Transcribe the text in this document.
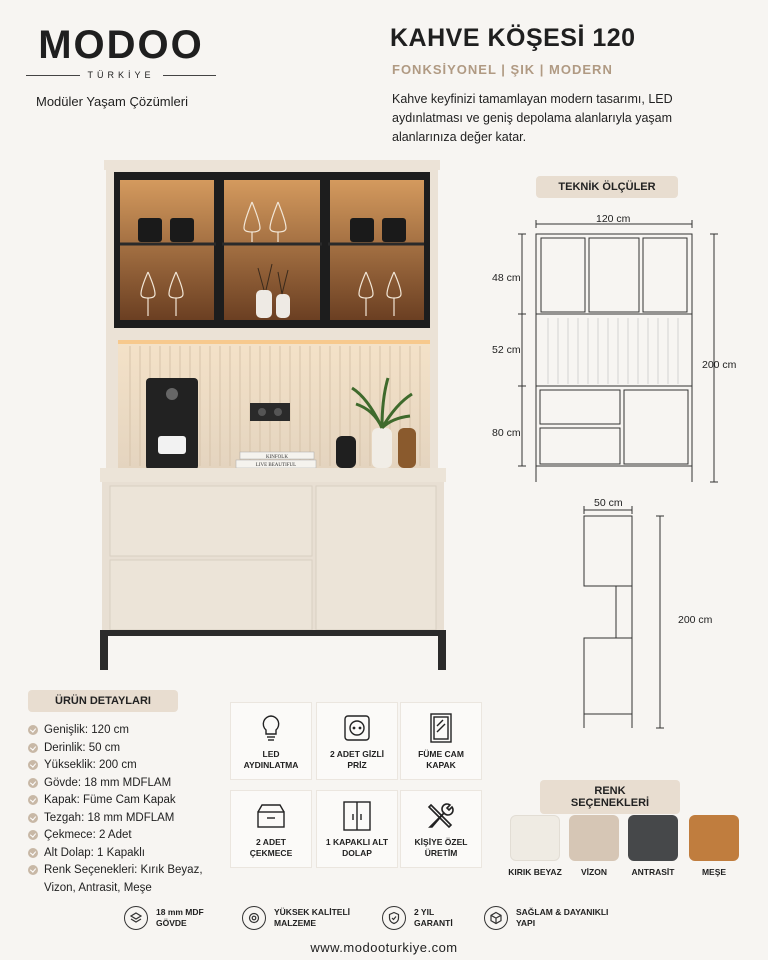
MODOO
TÜRKİYE
Modüler Yaşam Çözümleri
KAHVE KÖŞESİ 120
FONKSİYONEL | ŞIK | MODERN
Kahve keyfinizi tamamlayan modern tasarımı, LED aydınlatması ve geniş depolama alanlarıyla yaşam alanlarınıza değer katar.
KINFOLK
LIVE BEAUTIFUL
TEKNİK ÖLÇÜLER
120 cm
48 cm
52 cm
80 cm
200 cm
50 cm
200 cm
ÜRÜN DETAYLARI
Genişlik: 120 cm
Derinlik: 50 cm
Yükseklik: 200 cm
Gövde: 18 mm MDFLAM
Kapak: Füme Cam Kapak
Tezgah: 18 mm MDFLAM
Çekmece: 2 Adet
Alt Dolap: 1 Kapaklı
Renk Seçenekleri: Kırık Beyaz, Vizon, Antrasit, Meşe
LED AYDINLATMA
2 ADET GİZLİ PRİZ
FÜME CAM KAPAK
2 ADET ÇEKMECE
1 KAPAKLI ALT DOLAP
KİŞİYE ÖZEL ÜRETİM
RENK SEÇENEKLERİ
KIRIK BEYAZ	VİZON	ANTRASİT	MEŞE
18 mm MDF
GÖVDE
YÜKSEK KALİTELİ
MALZEME
2 YIL
GARANTİ
SAĞLAM & DAYANIKLI
YAPI
www.modooturkiye.com
